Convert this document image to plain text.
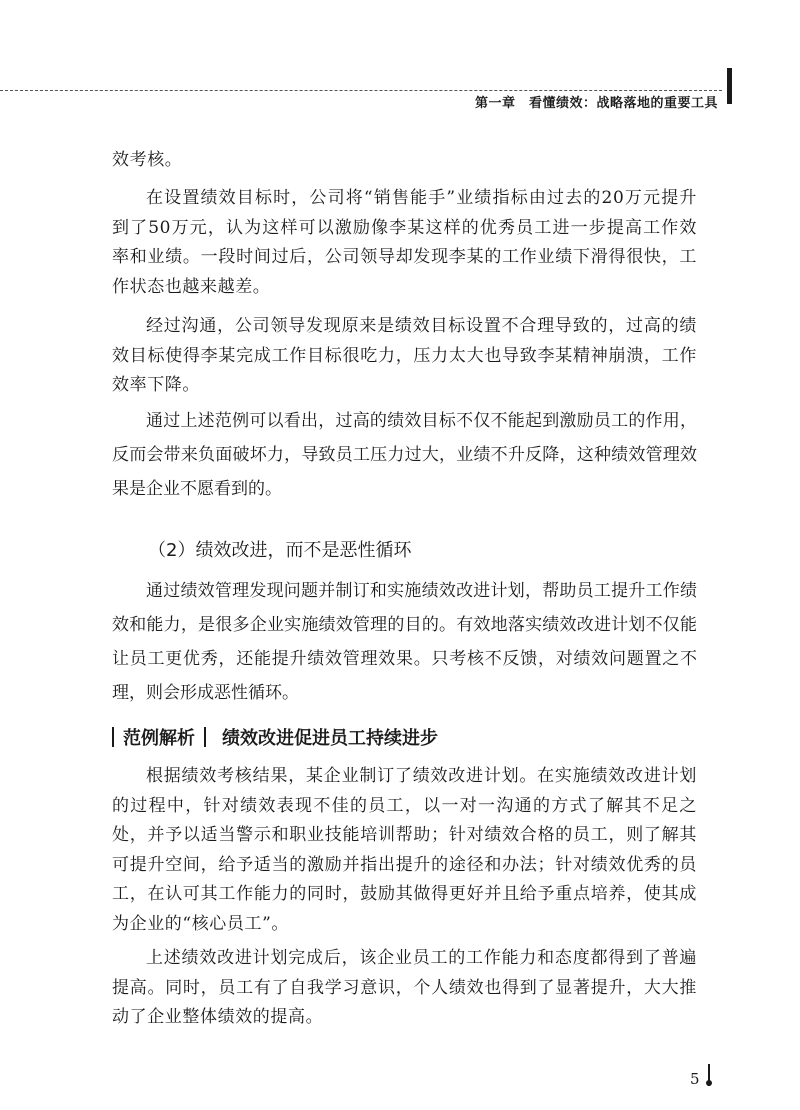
第一章　看懂绩效：战略落地的重要工具

效考核。

在设置绩效目标时，公司将“销售能手”业绩指标由过去的20万元提升到了50万元，认为这样可以激励像李某这样的优秀员工进一步提高工作效率和业绩。一段时间过后，公司领导却发现李某的工作业绩下滑得很快，工作状态也越来越差。

经过沟通，公司领导发现原来是绩效目标设置不合理导致的，过高的绩效目标使得李某完成工作目标很吃力，压力太大也导致李某精神崩溃，工作效率下降。

通过上述范例可以看出，过高的绩效目标不仅不能起到激励员工的作用，反而会带来负面破坏力，导致员工压力过大，业绩不升反降，这种绩效管理效果是企业不愿看到的。

（2）绩效改进，而不是恶性循环

通过绩效管理发现问题并制订和实施绩效改进计划，帮助员工提升工作绩效和能力，是很多企业实施绩效管理的目的。有效地落实绩效改进计划不仅能让员工更优秀，还能提升绩效管理效果。只考核不反馈，对绩效问题置之不理，则会形成恶性循环。

范例解析 绩效改进促进员工持续进步

根据绩效考核结果，某企业制订了绩效改进计划。在实施绩效改进计划的过程中，针对绩效表现不佳的员工，以一对一沟通的方式了解其不足之处，并予以适当警示和职业技能培训帮助；针对绩效合格的员工，则了解其可提升空间，给予适当的激励并指出提升的途径和办法；针对绩效优秀的员工，在认可其工作能力的同时，鼓励其做得更好并且给予重点培养，使其成为企业的“核心员工”。

上述绩效改进计划完成后，该企业员工的工作能力和态度都得到了普遍提高。同时，员工有了自我学习意识，个人绩效也得到了显著提升，大大推动了企业整体绩效的提高。

5
